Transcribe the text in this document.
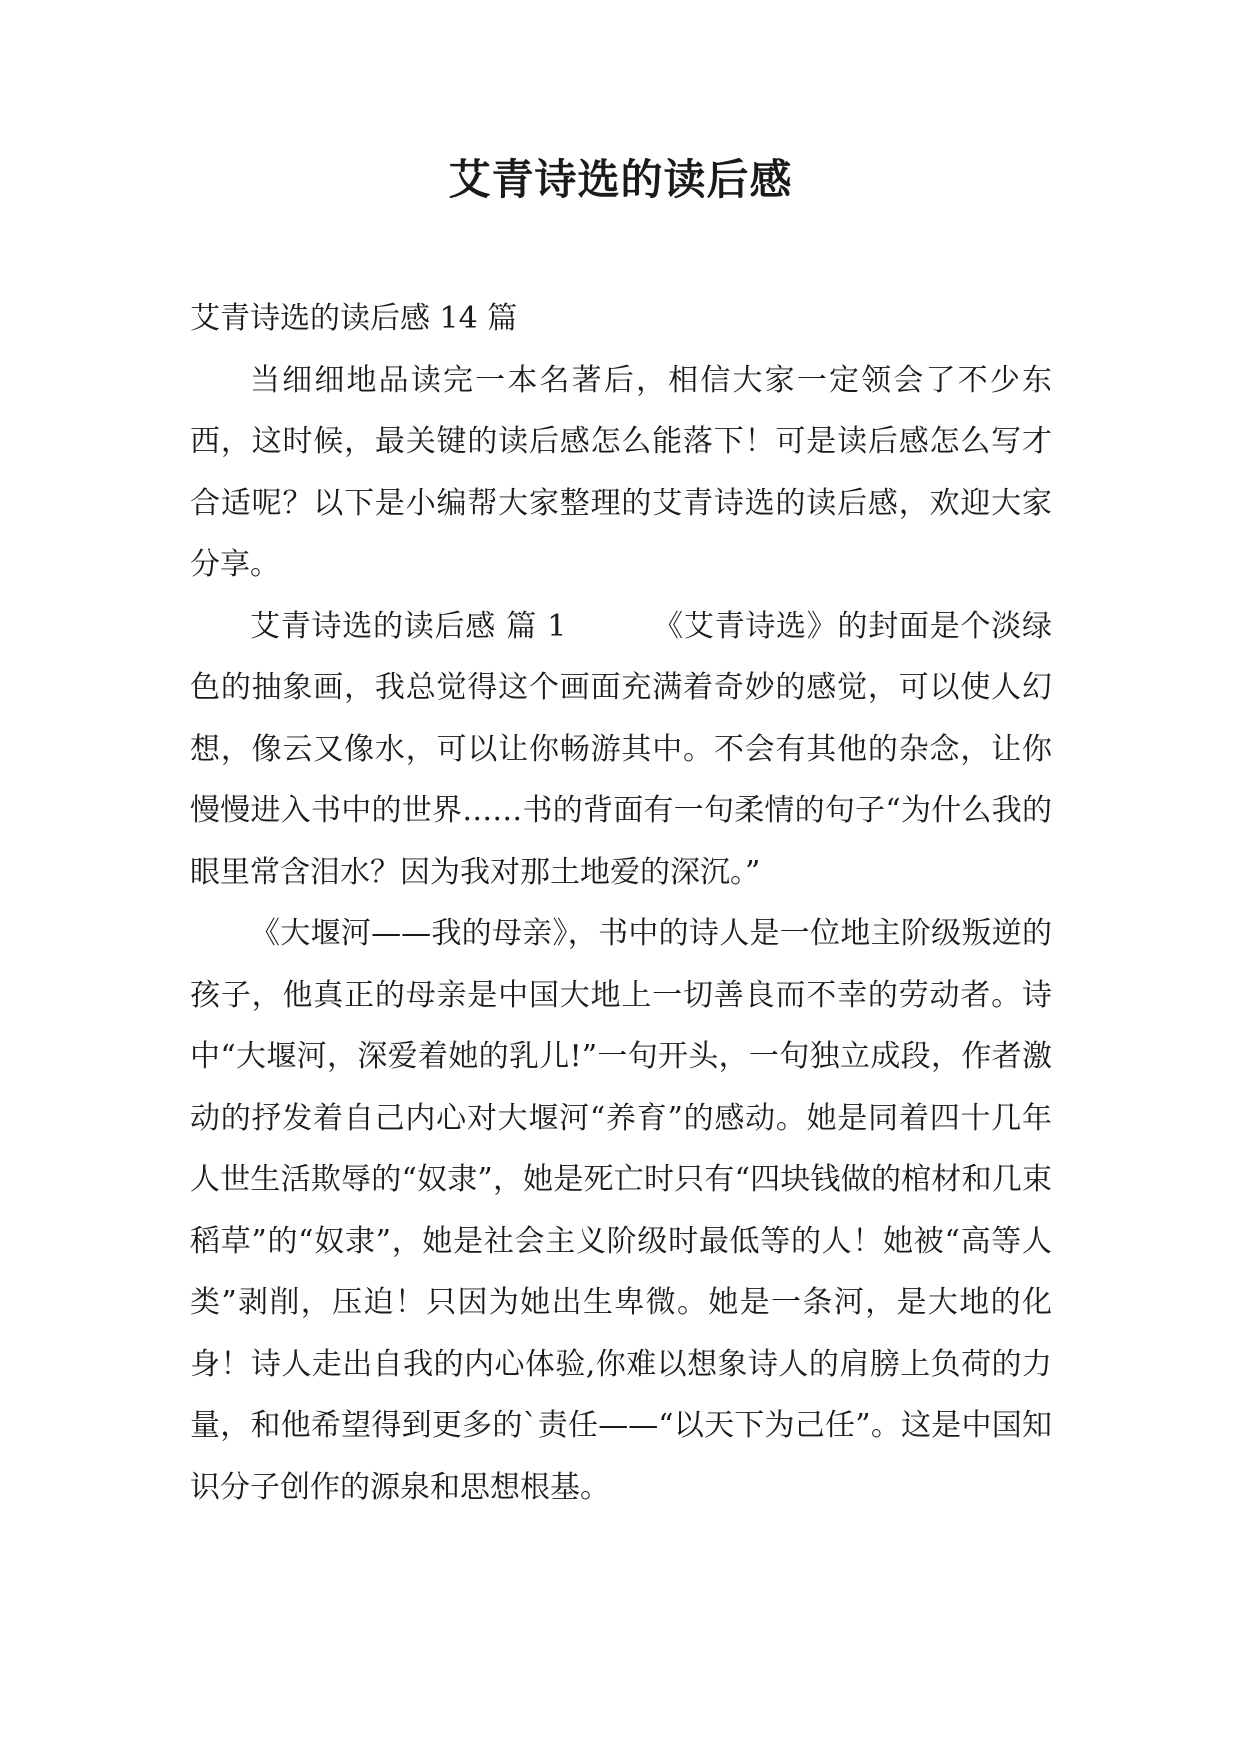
艾青诗选的读后感

艾青诗选的读后感 14 篇

当细细地品读完一本名著后，相信大家一定领会了不少东西，这时候，最关键的读后感怎么能落下！可是读后感怎么写才合适呢？以下是小编帮大家整理的艾青诗选的读后感，欢迎大家分享。

艾青诗选的读后感 篇 1	《艾青诗选》的封面是个淡绿色的抽象画，我总觉得这个画面充满着奇妙的感觉，可以使人幻想，像云又像水，可以让你畅游其中。不会有其他的杂念，让你慢慢进入书中的世界……书的背面有一句柔情的句子“为什么我的眼里常含泪水？因为我对那土地爱的深沉。”

《大堰河——我的母亲》，书中的诗人是一位地主阶级叛逆的孩子，他真正的母亲是中国大地上一切善良而不幸的劳动者。诗中“大堰河，深爱着她的乳儿!”一句开头，一句独立成段，作者激动的抒发着自己内心对大堰河“养育”的感动。她是同着四十几年人世生活欺辱的“奴隶”，她是死亡时只有“四块钱做的棺材和几束稻草”的“奴隶”，她是社会主义阶级时最低等的人！她被“高等人类”剥削，压迫！只因为她出生卑微。她是一条河，是大地的化身！诗人走出自我的内心体验,你难以想象诗人的肩膀上负荷的力量，和他希望得到更多的`责任——“以天下为己任”。这是中国知识分子创作的源泉和思想根基。
